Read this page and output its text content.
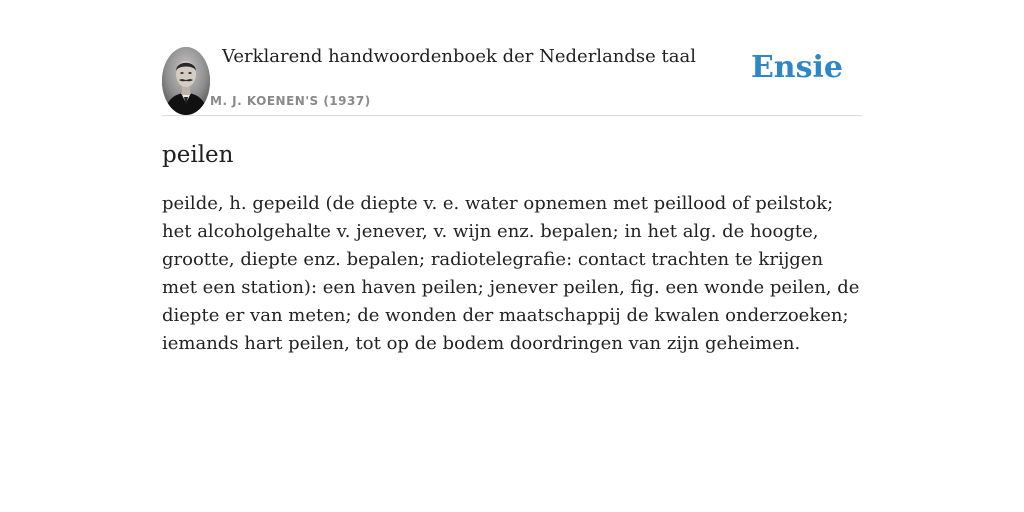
Verklarend handwoordenboek der Nederlandse taal
M. J. KOENEN'S (1937)
Ensie
peilen

peilde, h. gepeild (de diepte v. e. water opnemen met peillood of peilstok; het alcoholgehalte v. jenever, v. wijn enz. bepalen; in het alg. de hoogte, grootte, diepte enz. bepalen; radiotelegrafie: contact trachten te krijgen met een station): een haven peilen; jenever peilen, fig. een wonde peilen, de diepte er van meten; de wonden der maatschappij de kwalen onderzoeken; iemands hart peilen, tot op de bodem doordringen van zijn geheimen.
